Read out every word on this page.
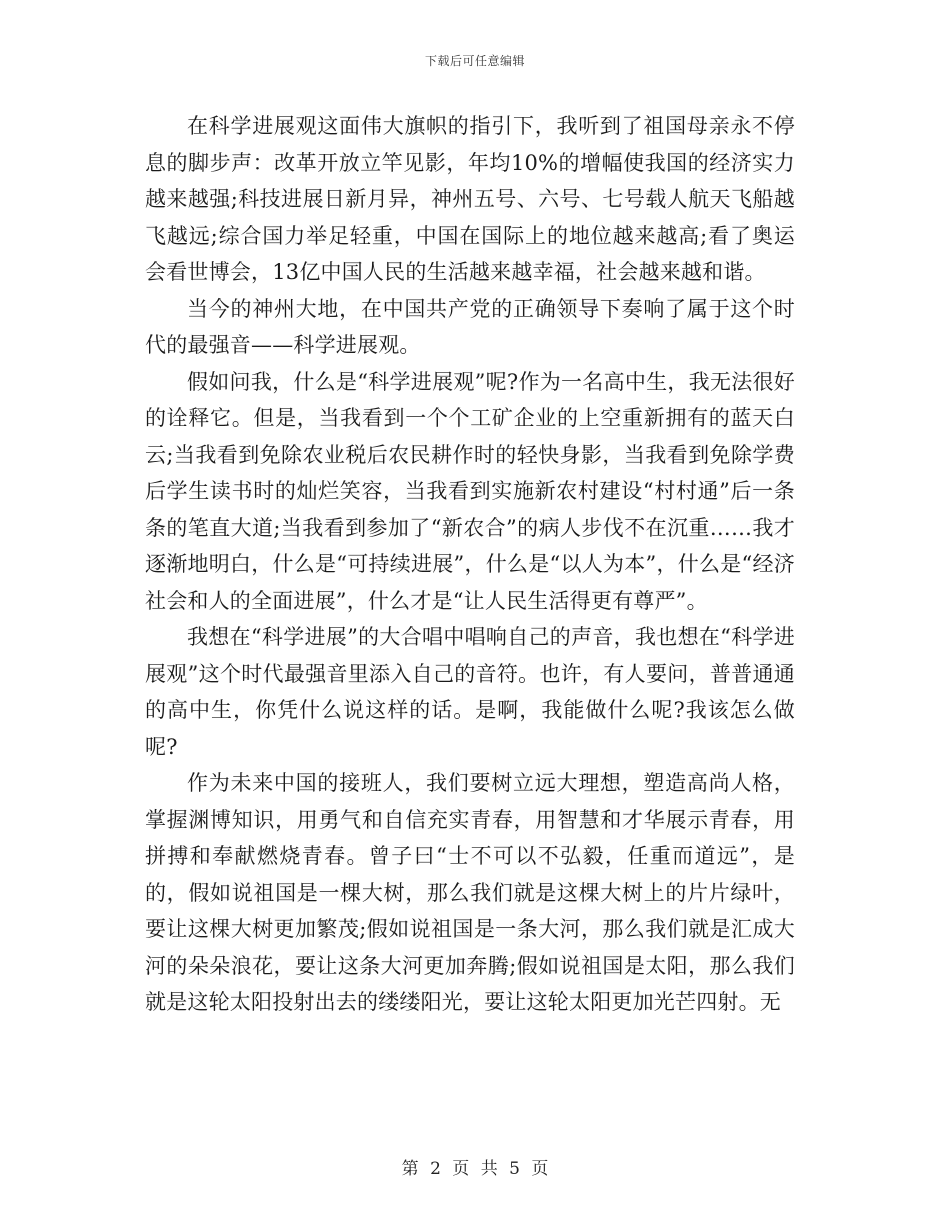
下载后可任意编辑

在科学进展观这面伟大旗帜的指引下，我听到了祖国母亲永不停息的脚步声：改革开放立竿见影，年均10%的增幅使我国的经济实力越来越强;科技进展日新月异，神州五号、六号、七号载人航天飞船越飞越远;综合国力举足轻重，中国在国际上的地位越来越高;看了奥运会看世博会，13亿中国人民的生活越来越幸福，社会越来越和谐。

当今的神州大地，在中国共产党的正确领导下奏响了属于这个时代的最强音——科学进展观。

假如问我，什么是“科学进展观”呢?作为一名高中生，我无法很好的诠释它。但是，当我看到一个个工矿企业的上空重新拥有的蓝天白云;当我看到免除农业税后农民耕作时的轻快身影，当我看到免除学费后学生读书时的灿烂笑容，当我看到实施新农村建设“村村通”后一条条的笔直大道;当我看到参加了“新农合”的病人步伐不在沉重……我才逐渐地明白，什么是“可持续进展”，什么是“以人为本”，什么是“经济社会和人的全面进展”，什么才是“让人民生活得更有尊严”。

我想在“科学进展”的大合唱中唱响自己的声音，我也想在“科学进展观”这个时代最强音里添入自己的音符。也许，有人要问，普普通通的高中生，你凭什么说这样的话。是啊，我能做什么呢?我该怎么做呢?

作为未来中国的接班人，我们要树立远大理想，塑造高尚人格，掌握渊博知识，用勇气和自信充实青春，用智慧和才华展示青春，用拼搏和奉献燃烧青春。曾子曰“士不可以不弘毅，任重而道远”，是的，假如说祖国是一棵大树，那么我们就是这棵大树上的片片绿叶，要让这棵大树更加繁茂;假如说祖国是一条大河，那么我们就是汇成大河的朵朵浪花，要让这条大河更加奔腾;假如说祖国是太阳，那么我们就是这轮太阳投射出去的缕缕阳光，要让这轮太阳更加光芒四射。无

第 2 页 共 5 页
